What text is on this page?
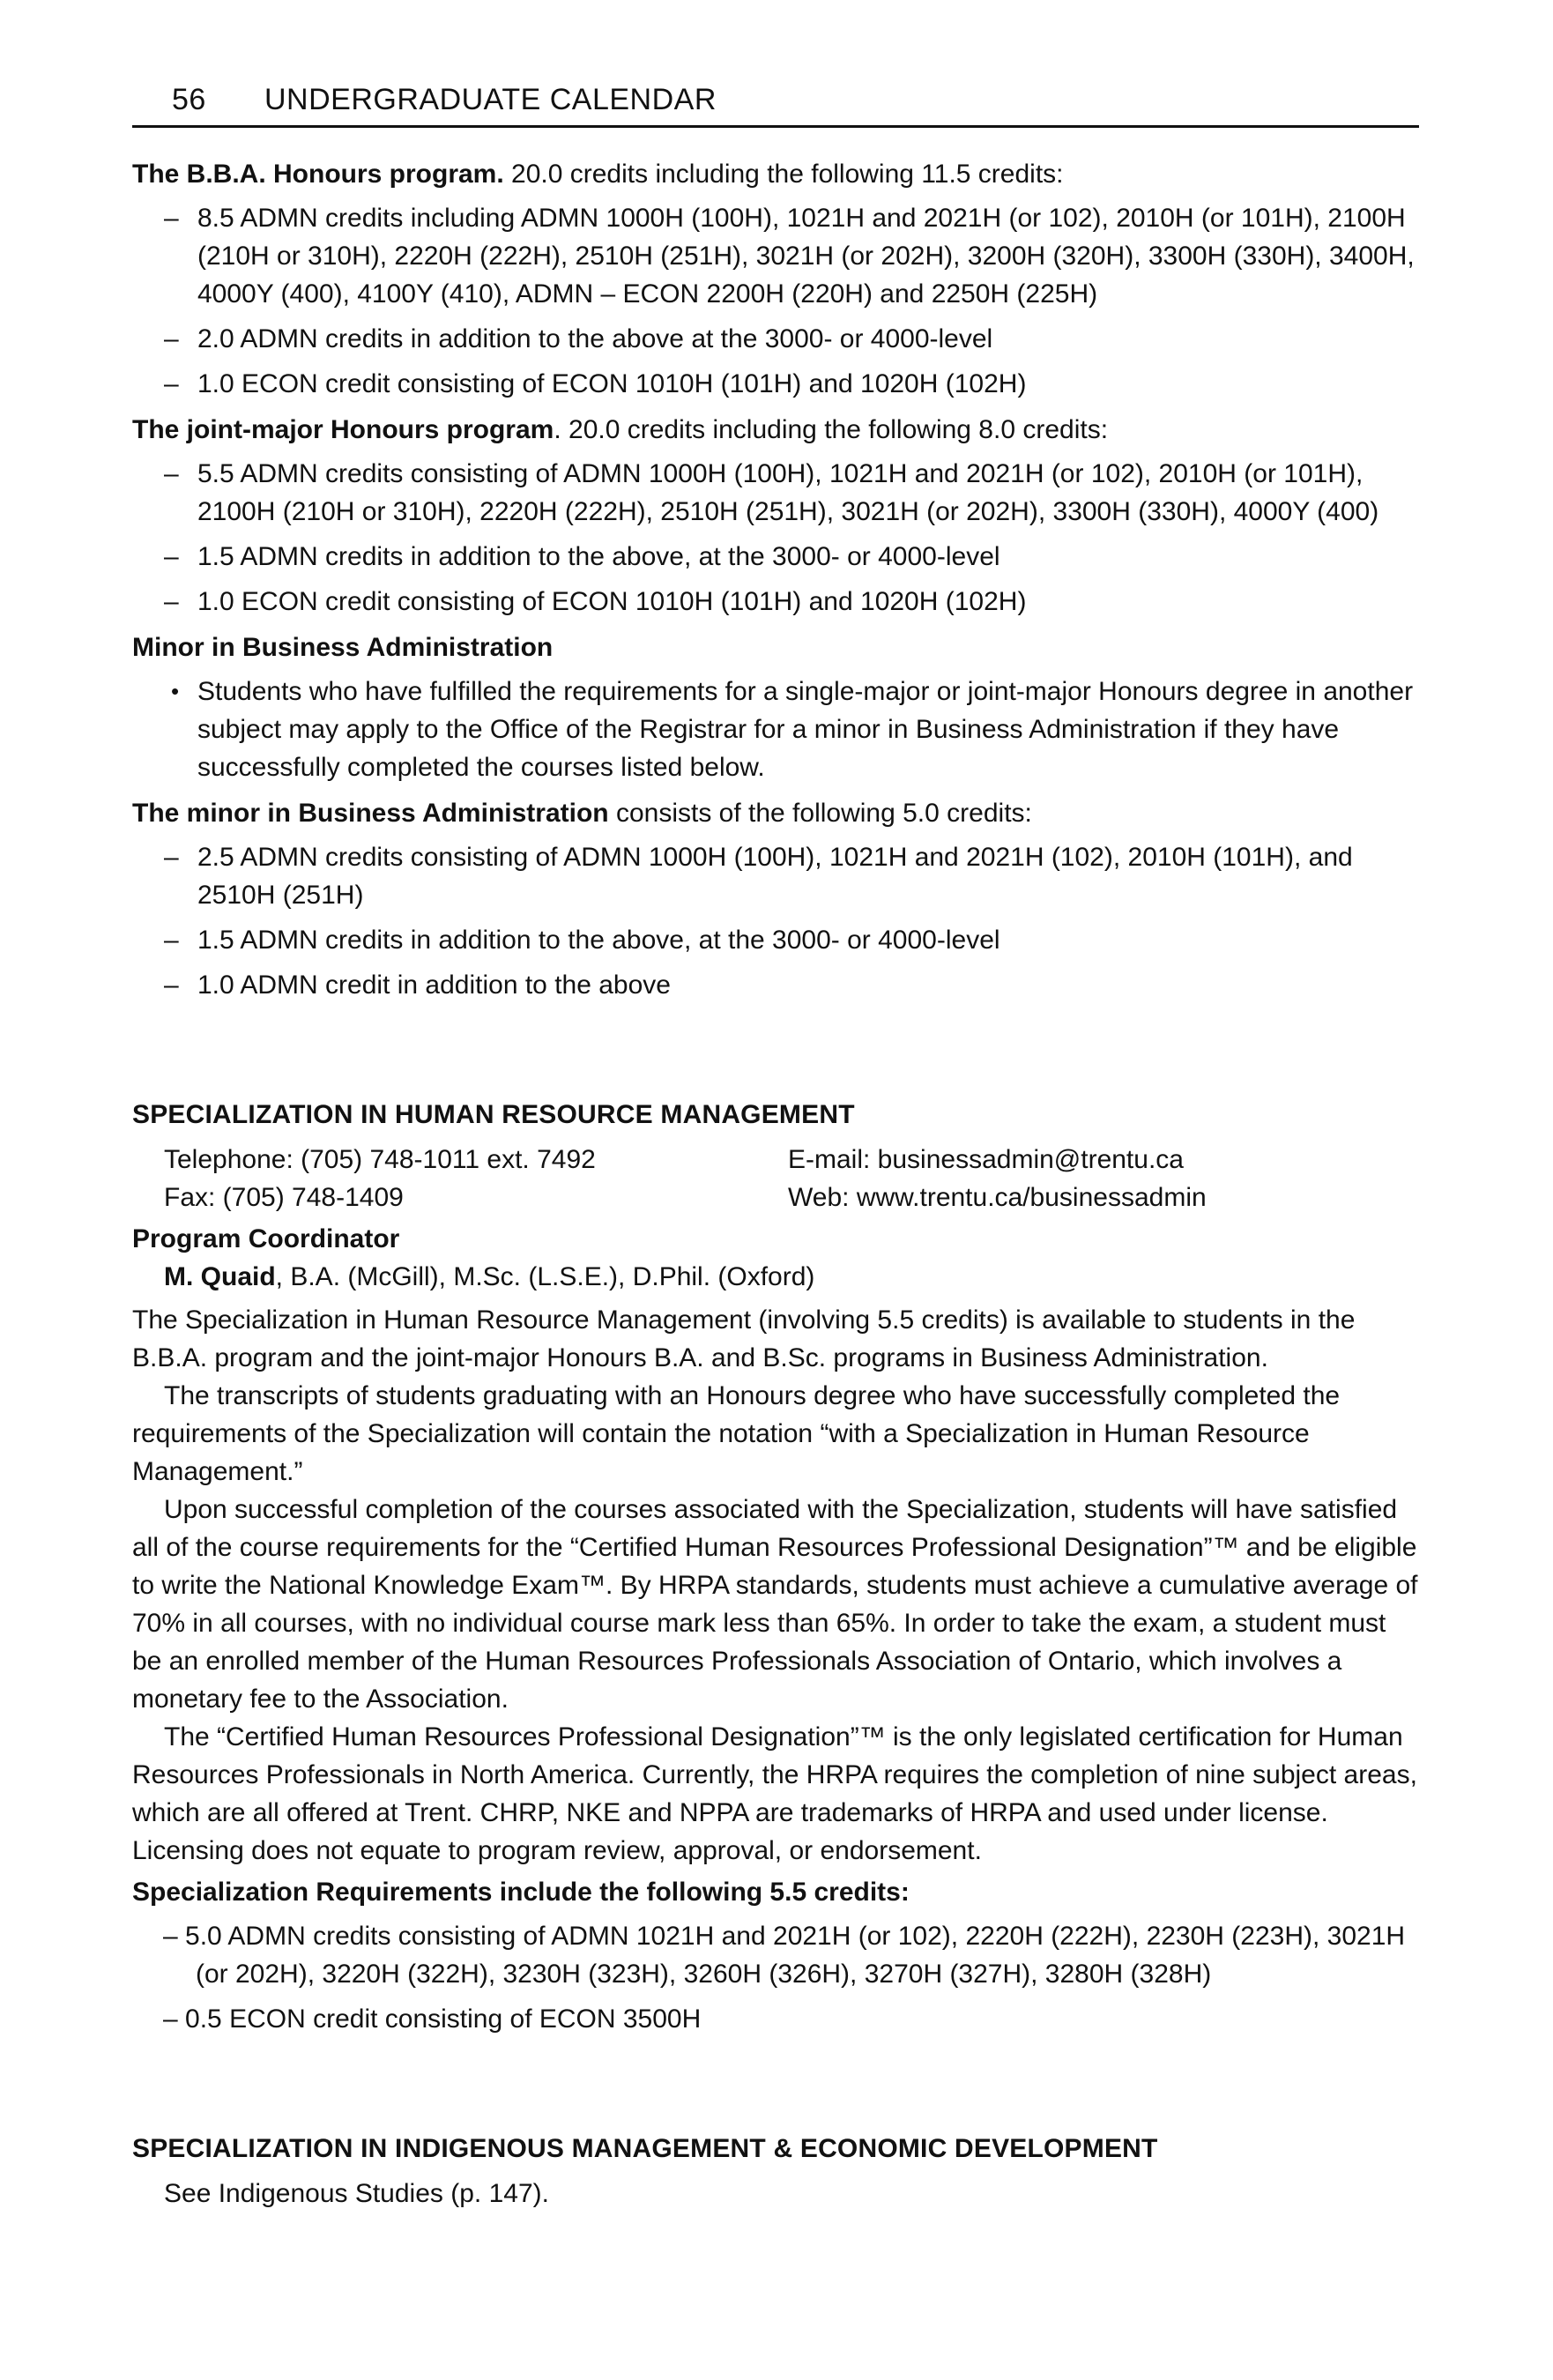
56 UNDERGRADUATE CALENDAR

The B.B.A. Honours program. 20.0 credits including the following 11.5 credits:

– 8.5 ADMN credits including ADMN 1000H (100H), 1021H and 2021H (or 102), 2010H (or 101H), 2100H (210H or 310H), 2220H (222H), 2510H (251H), 3021H (or 202H), 3200H (320H), 3300H (330H), 3400H, 4000Y (400), 4100Y (410), ADMN – ECON 2200H (220H) and 2250H (225H)
– 2.0 ADMN credits in addition to the above at the 3000- or 4000-level
– 1.0 ECON credit consisting of ECON 1010H (101H) and 1020H (102H)

The joint-major Honours program. 20.0 credits including the following 8.0 credits:

– 5.5 ADMN credits consisting of ADMN 1000H (100H), 1021H and 2021H (or 102), 2010H (or 101H), 2100H (210H or 310H), 2220H (222H), 2510H (251H), 3021H (or 202H), 3300H (330H), 4000Y (400)
– 1.5 ADMN credits in addition to the above, at the 3000- or 4000-level
– 1.0 ECON credit consisting of ECON 1010H (101H) and 1020H (102H)

Minor in Business Administration

• Students who have fulfilled the requirements for a single-major or joint-major Honours degree in another subject may apply to the Office of the Registrar for a minor in Business Administration if they have successfully completed the courses listed below.

The minor in Business Administration consists of the following 5.0 credits:

– 2.5 ADMN credits consisting of ADMN 1000H (100H), 1021H and 2021H (102), 2010H (101H), and 2510H (251H)
– 1.5 ADMN credits in addition to the above, at the 3000- or 4000-level
– 1.0 ADMN credit in addition to the above

SPECIALIZATION IN HUMAN RESOURCE MANAGEMENT

Telephone: (705) 748-1011 ext. 7492	E-mail: businessadmin@trentu.ca
Fax: (705) 748-1409	Web: www.trentu.ca/businessadmin

Program Coordinator

M. Quaid, B.A. (McGill), M.Sc. (L.S.E.), D.Phil. (Oxford)

The Specialization in Human Resource Management (involving 5.5 credits) is available to students in the B.B.A. program and the joint-major Honours B.A. and B.Sc. programs in Business Administration.

The transcripts of students graduating with an Honours degree who have successfully completed the requirements of the Specialization will contain the notation “with a Specialization in Human Resource Management.”

Upon successful completion of the courses associated with the Specialization, students will have satisfied all of the course requirements for the “Certified Human Resources Professional Designation”™ and be eligible to write the National Knowledge Exam™. By HRPA standards, students must achieve a cumulative average of 70% in all courses, with no individual course mark less than 65%. In order to take the exam, a student must be an enrolled member of the Human Resources Professionals Association of Ontario, which involves a monetary fee to the Association.

The “Certified Human Resources Professional Designation”™ is the only legislated certification for Human Resources Professionals in North America. Currently, the HRPA requires the completion of nine subject areas, which are all offered at Trent. CHRP, NKE and NPPA are trademarks of HRPA and used under license. Licensing does not equate to program review, approval, or endorsement.

Specialization Requirements include the following 5.5 credits:

– 5.0 ADMN credits consisting of ADMN 1021H and 2021H (or 102), 2220H (222H), 2230H (223H), 3021H (or 202H), 3220H (322H), 3230H (323H), 3260H (326H), 3270H (327H), 3280H (328H)
– 0.5 ECON credit consisting of ECON 3500H

SPECIALIZATION IN INDIGENOUS MANAGEMENT & ECONOMIC DEVELOPMENT

See Indigenous Studies (p. 147).
